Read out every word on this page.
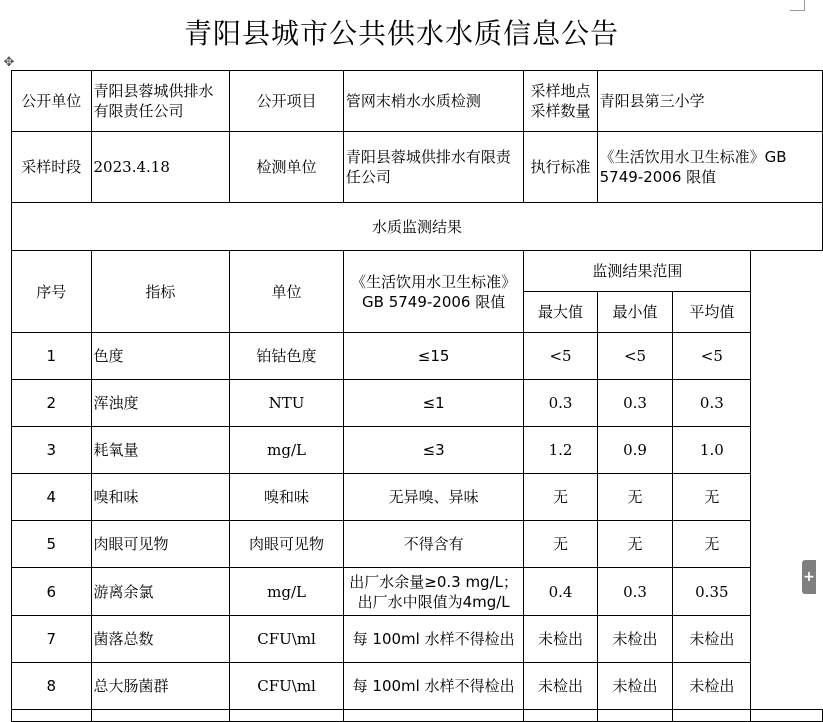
✥
+
青阳县城市公共供水水质信息公告
公开单位	青阳县蓉城供排水有限责任公司	公开项目	管网末梢水水质检测	采样地点采样数量	青阳县第三小学		
采样时段	2023.4.18	检测单位	青阳县蓉城供排水有限责任公司	执行标准	《生活饮用水卫生标准》GB 5749-2006 限值		
水质监测结果							
序号	指标	单位	《生活饮用水卫生标准》GB 5749-2006 限值	监测结果范围			
				最大值	最小值	平均值	
1	色度	铂钴色度	≤15	<5	<5	<5	
2	浑浊度	NTU	≤1	0.3	0.3	0.3	
3	耗氧量	mg/L	≤3	1.2	0.9	1.0	
4	嗅和味	嗅和味	无异嗅、异味	无	无	无	
5	肉眼可见物	肉眼可见物	不得含有	无	无	无	
6	游离余氯	mg/L	出厂水余量≥0.3 mg/L；出厂水中限值为4mg/L	0.4	0.3	0.35	
7	菌落总数	CFU\ml	每 100ml 水样不得检出	未检出	未检出	未检出	
8	总大肠菌群	CFU\ml	每 100ml 水样不得检出	未检出	未检出	未检出	
